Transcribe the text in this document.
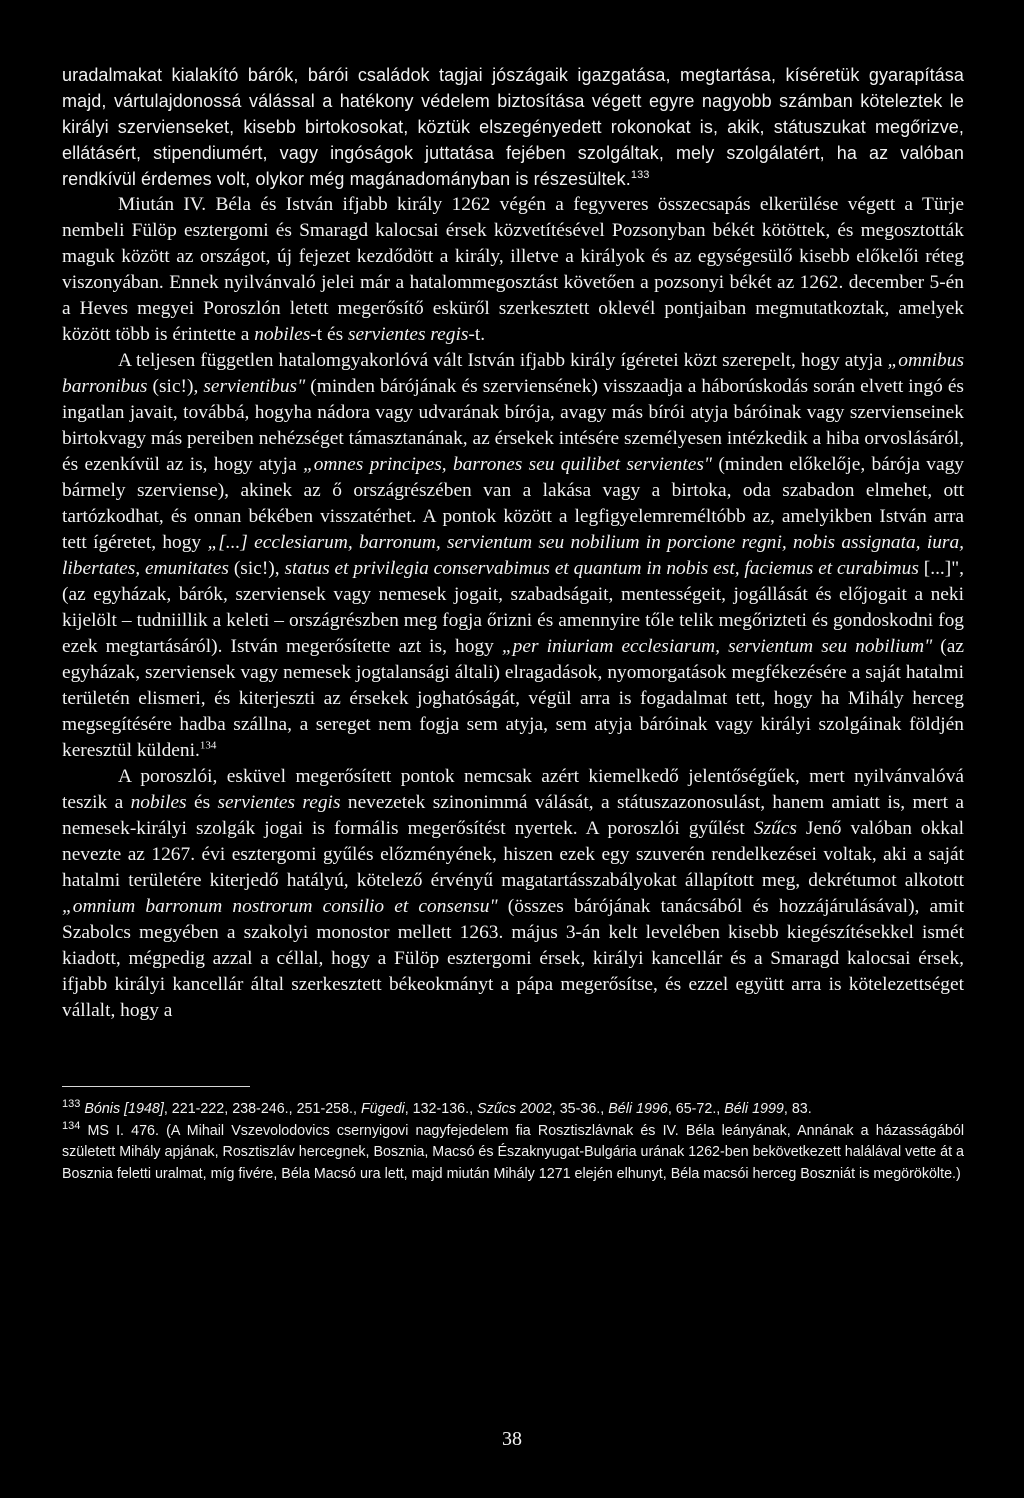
uradalmakat kialakító bárók, bárói családok tagjai jószágaik igazgatása, megtartása, kíséretük gyarapítása majd, vártulajdonossá válással a hatékony védelem biztosítása végett egyre nagyobb számban köteleztek le királyi szervienseket, kisebb birtokosokat, köztük elszegényedett rokonokat is, akik, státuszukat megőrizve, ellátásért, stipendiumért, vagy ingóságok juttatása fejében szolgáltak, mely szolgálatért, ha az valóban rendkívül érdemes volt, olykor még magánadományban is részesültek.$^{133}$

Miután IV. Béla és István ifjabb király 1262 végén a fegyveres összecsapás elkerülése végett a Türje nembeli Fülöp esztergomi és Smaragd kalocsai érsek közvetítésével Pozsonyban békét kötöttek, és megosztották maguk között az országot, új fejezet kezdődött a király, illetve a királyok és az egységesülő kisebb előkelői réteg viszonyában. Ennek nyilvánvaló jelei már a hatalommegosztást követően a pozsonyi békét az 1262. december 5-én a Heves megyei Poroszlón letett megerősítő esküről szerkesztett oklevél pontjaiban megmutatkoztak, amelyek között több is érintette a nobiles-t és servientes regis-t.

A teljesen független hatalomgyakorlóvá vált István ifjabb király ígéretei közt szerepelt, hogy atyja „omnibus barronibus (sic!), servientibus" (minden bárójának és szerviensének) visszaadja a háborúskodás során elvett ingó és ingatlan javait, továbbá, hogyha nádora vagy udvarának bírója, avagy más bírói atyja báróinak vagy szervienseinek birtokvagy más pereiben nehézséget támasztanának, az érsekek intésére személyesen intézkedik a hiba orvoslásáról, és ezenkívül az is, hogy atyja „omnes principes, barrones seu quilibet servientes" (minden előkelője, bárója vagy bármely szerviense), akinek az ő országrészében van a lakása vagy a birtoka, oda szabadon elmehet, ott tartózkodhat, és onnan békében visszatérhet. A pontok között a legfigyelemreméltóbb az, amelyikben István arra tett ígéretet, hogy „[...] ecclesiarum, barronum, servientum seu nobilium in porcione regni, nobis assignata, iura, libertates, emunitates (sic!), status et privilegia conservabimus et quantum in nobis est, faciemus et curabimus [...]", (az egyházak, bárók, szerviensek vagy nemesek jogait, szabadságait, mentességeit, jogállását és előjogait a neki kijelölt – tudniillik a keleti – országrészben meg fogja őrizni és amennyire tőle telik megőrizteti és gondoskodni fog ezek megtartásáról). István megerősítette azt is, hogy „per iniuriam ecclesiarum, servientum seu nobilium" (az egyházak, szerviensek vagy nemesek jogtalansági általi) elragadások, nyomorgatások megfékezésére a saját hatalmi területén elismeri, és kiterjeszti az érsekek joghatóságát, végül arra is fogadalmat tett, hogy ha Mihály herceg megsegítésére hadba szállna, a sereget nem fogja sem atyja, sem atyja báróinak vagy királyi szolgáinak földjén keresztül küldeni.$^{134}$

A poroszlói, esküvel megerősített pontok nemcsak azért kiemelkedő jelentőségűek, mert nyilvánvalóvá teszik a nobiles és servientes regis nevezetek szinonimmá válását, a státuszazonosulást, hanem amiatt is, mert a nemesek-királyi szolgák jogai is formális megerősítést nyertek. A poroszlói gyűlést Szűcs Jenő valóban okkal nevezte az 1267. évi esztergomi gyűlés előzményének, hiszen ezek egy szuverén rendelkezései voltak, aki a saját hatalmi területére kiterjedő hatályú, kötelező érvényű magatartásszabályokat állapított meg, dekrétumot alkotott „omnium barronum nostrorum consilio et consensu" (összes bárójának tanácsából és hozzájárulásával), amit Szabolcs megyében a szakolyi monostor mellett 1263. május 3-án kelt levelében kisebb kiegészítésekkel ismét kiadott, mégpedig azzal a céllal, hogy a Fülöp esztergomi érsek, királyi kancellár és a Smaragd kalocsai érsek, ifjabb királyi kancellár által szerkesztett békeokmányt a pápa megerősítse, és ezzel együtt arra is kötelezettséget vállalt, hogy a

$^{133}$ Bónis [1948], 221-222, 238-246., 251-258., Fügedi, 132-136., Szűcs 2002, 35-36., Béli 1996, 65-72., Béli 1999, 83.

$^{134}$ MS I. 476. (A Mihail Vszevolodovics csernyigovi nagyfejedelem fia Rosztiszlávnak és IV. Béla leányának, Annának a házasságából született Mihály apjának, Rosztiszláv hercegnek, Bosznia, Macsó és Északnyugat-Bulgária urának 1262-ben bekövetkezett halálával vette át a Bosznia feletti uralmat, míg fivére, Béla Macsó ura lett, majd miután Mihály 1271 elején elhunyt, Béla macsói herceg Boszniát is megörökölte.)

38
